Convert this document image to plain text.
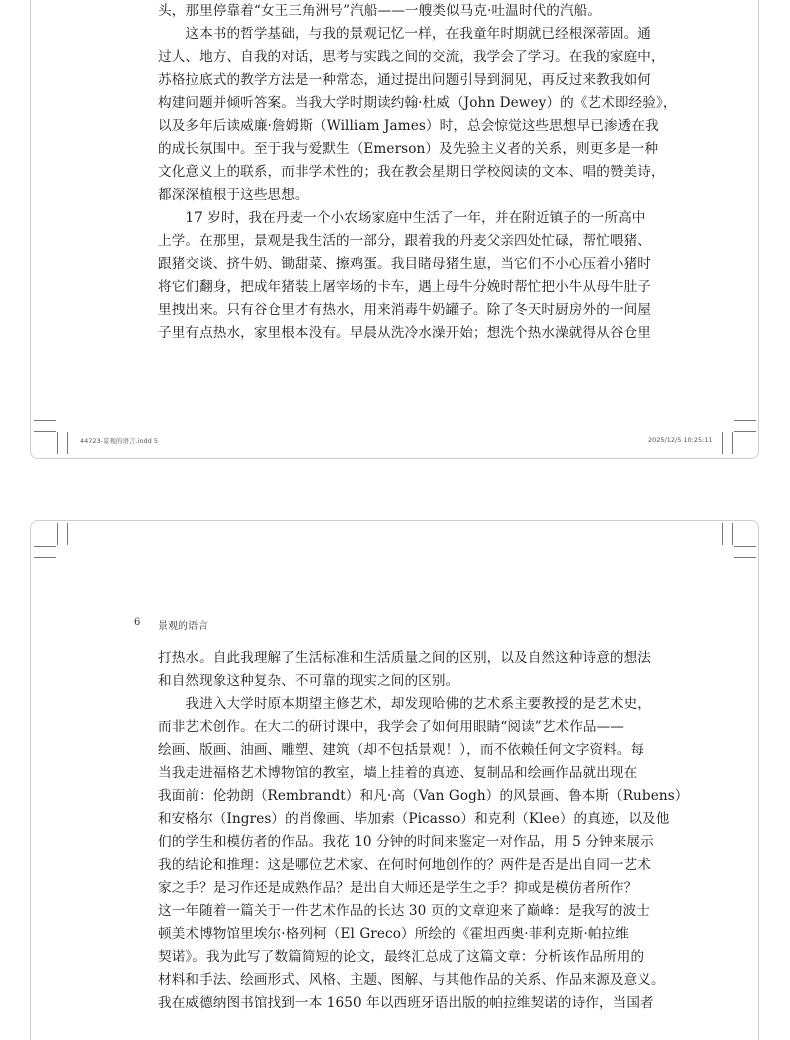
头，那里停靠着“女王三角洲号”汽船——一艘类似马克·吐温时代的汽船。
　　这本书的哲学基础，与我的景观记忆一样，在我童年时期就已经根深蒂固。通
过人、地方、自我的对话，思考与实践之间的交流，我学会了学习。在我的家庭中，
苏格拉底式的教学方法是一种常态，通过提出问题引导到洞见，再反过来教我如何
构建问题并倾听答案。当我大学时期读约翰·杜威（John Dewey）的《艺术即经验》，
以及多年后读威廉·詹姆斯（William James）时，总会惊觉这些思想早已渗透在我
的成长氛围中。至于我与爱默生（Emerson）及先验主义者的关系，则更多是一种
文化意义上的联系，而非学术性的；我在教会星期日学校阅读的文本、唱的赞美诗，
都深深植根于这些思想。
　　17 岁时，我在丹麦一个小农场家庭中生活了一年，并在附近镇子的一所高中
上学。在那里，景观是我生活的一部分，跟着我的丹麦父亲四处忙碌，帮忙喂猪、
跟猪交谈、挤牛奶、锄甜菜、擦鸡蛋。我目睹母猪生崽，当它们不小心压着小猪时
将它们翻身，把成年猪装上屠宰场的卡车，遇上母牛分娩时帮忙把小牛从母牛肚子
里拽出来。只有谷仓里才有热水，用来消毒牛奶罐子。除了冬天时厨房外的一间屋
子里有点热水，家里根本没有。早晨从洗冷水澡开始；想洗个热水澡就得从谷仓里
44723-景观的语言.indd 5	2025/12/5 10:25:11
6 景观的语言
打热水。自此我理解了生活标准和生活质量之间的区别，以及自然这种诗意的想法
和自然现象这种复杂、不可靠的现实之间的区别。
　　我进入大学时原本期望主修艺术，却发现哈佛的艺术系主要教授的是艺术史，
而非艺术创作。在大二的研讨课中，我学会了如何用眼睛“阅读”艺术作品——
绘画、版画、油画、雕塑、建筑（却不包括景观！），而不依赖任何文字资料。每
当我走进福格艺术博物馆的教室，墙上挂着的真迹、复制品和绘画作品就出现在
我面前：伦勃朗（Rembrandt）和凡·高（Van Gogh）的风景画、鲁本斯（Rubens）
和安格尔（Ingres）的肖像画、毕加索（Picasso）和克利（Klee）的真迹，以及他
们的学生和模仿者的作品。我花 10 分钟的时间来鉴定一对作品，用 5 分钟来展示
我的结论和推理：这是哪位艺术家、在何时何地创作的？两件是否是出自同一艺术
家之手？是习作还是成熟作品？是出自大师还是学生之手？抑或是模仿者所作？
这一年随着一篇关于一件艺术作品的长达 30 页的文章迎来了巅峰：是我写的波士
顿美术博物馆里埃尔·格列柯（El Greco）所绘的《霍坦西奥·菲利克斯·帕拉维
契诺》。我为此写了数篇简短的论文，最终汇总成了这篇文章：分析该作品所用的
材料和手法、绘画形式、风格、主题、图解、与其他作品的关系、作品来源及意义。
我在威德纳图书馆找到一本 1650 年以西班牙语出版的帕拉维契诺的诗作，当国者
